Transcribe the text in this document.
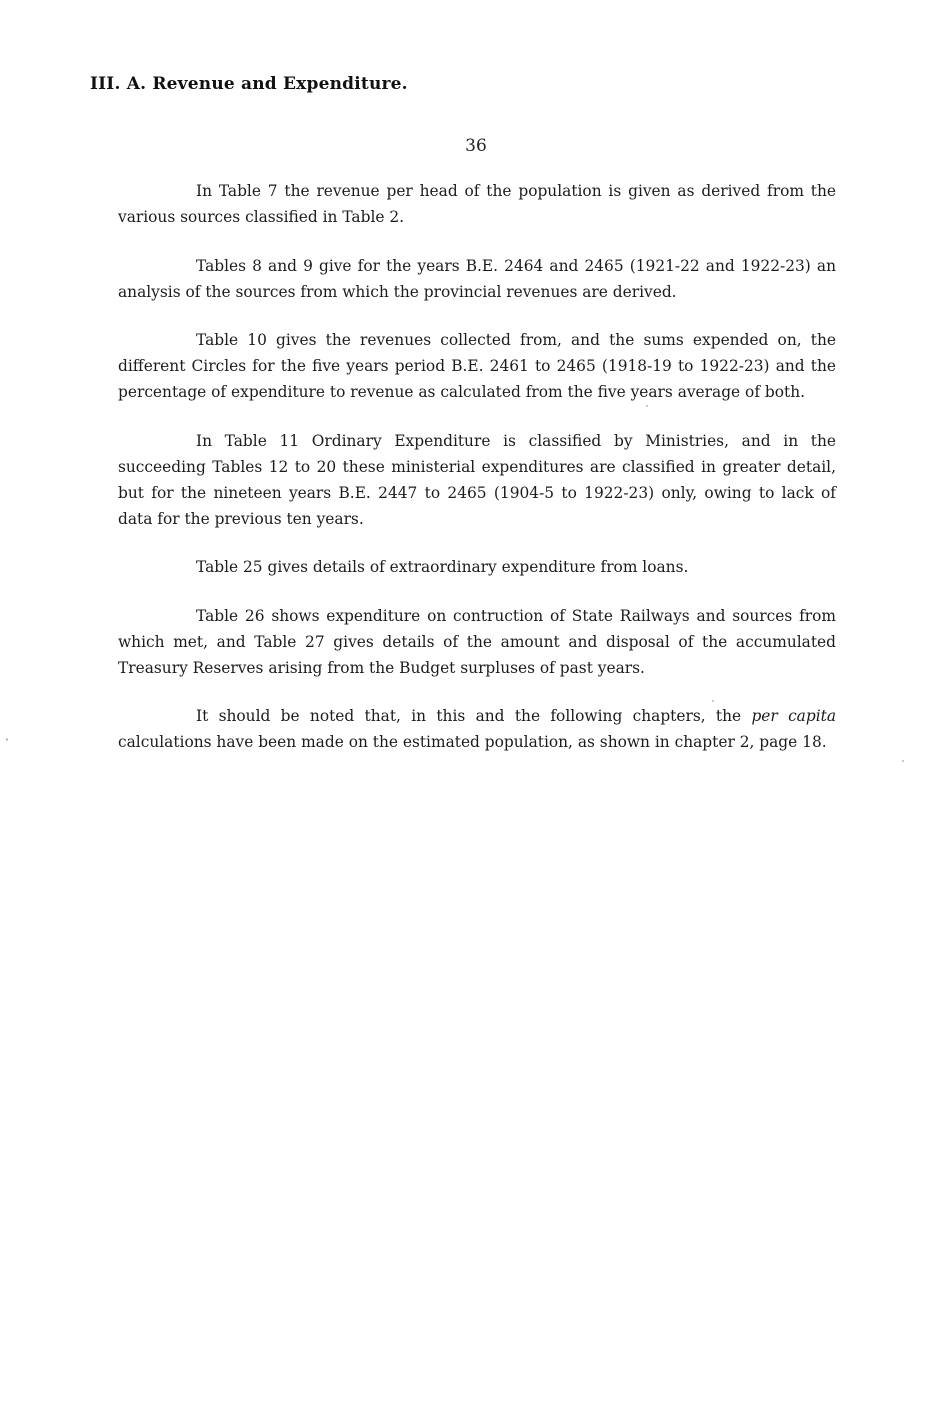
III. A. Revenue and Expenditure.
36

In Table 7 the revenue per head of the population is given as derived from the various sources classified in Table 2.

Tables 8 and 9 give for the years B.E. 2464 and 2465 (1921-22 and 1922-23) an analysis of the sources from which the provincial revenues are derived.

Table 10 gives the revenues collected from, and the sums expended on, the different Circles for the five years period B.E. 2461 to 2465 (1918-19 to 1922-23) and the percentage of expenditure to revenue as calculated from the five years average of both.

In Table 11 Ordinary Expenditure is classified by Ministries, and in the succeeding Tables 12 to 20 these ministerial expenditures are classified in greater detail, but for the nineteen years B.E. 2447 to 2465 (1904-5 to 1922-23) only, owing to lack of data for the previous ten years.

Table 25 gives details of extraordinary expenditure from loans.

Table 26 shows expenditure on contruction of State Railways and sources from which met, and Table 27 gives details of the amount and disposal of the accumulated Treasury Reserves arising from the Budget surpluses of past years.

It should be noted that, in this and the following chapters, the per capita calculations have been made on the estimated population, as shown in chapter 2, page 18.
